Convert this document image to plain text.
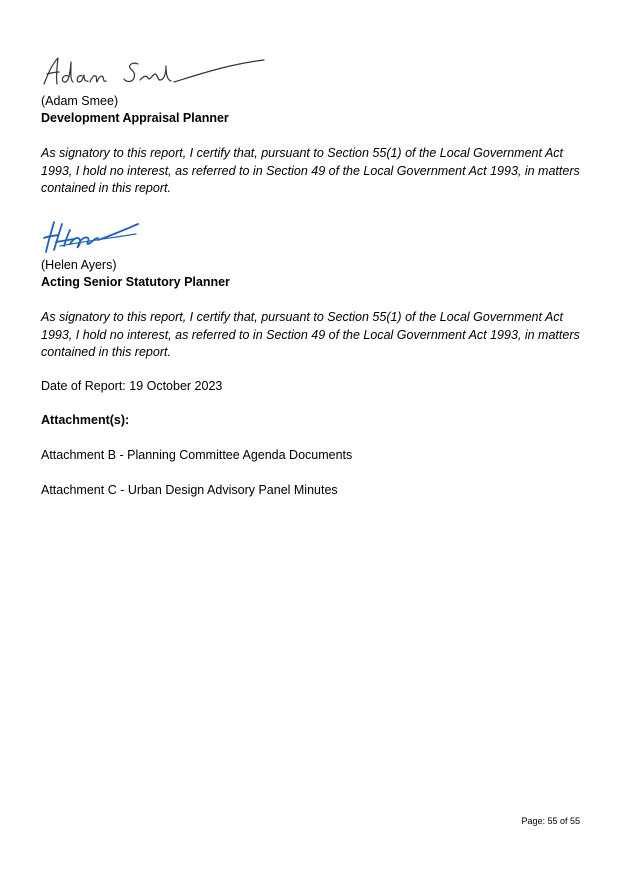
(Adam Smee)
Development Appraisal Planner
As signatory to this report, I certify that, pursuant to Section 55(1) of the Local Government Act 1993, I hold no interest, as referred to in Section 49 of the Local Government Act 1993, in matters contained in this report.
(Helen Ayers)
Acting Senior Statutory Planner
As signatory to this report, I certify that, pursuant to Section 55(1) of the Local Government Act 1993, I hold no interest, as referred to in Section 49 of the Local Government Act 1993, in matters contained in this report.
Date of Report: 19 October 2023
Attachment(s):
Attachment B - Planning Committee Agenda Documents
Attachment C - Urban Design Advisory Panel Minutes
Page: 55 of 55
